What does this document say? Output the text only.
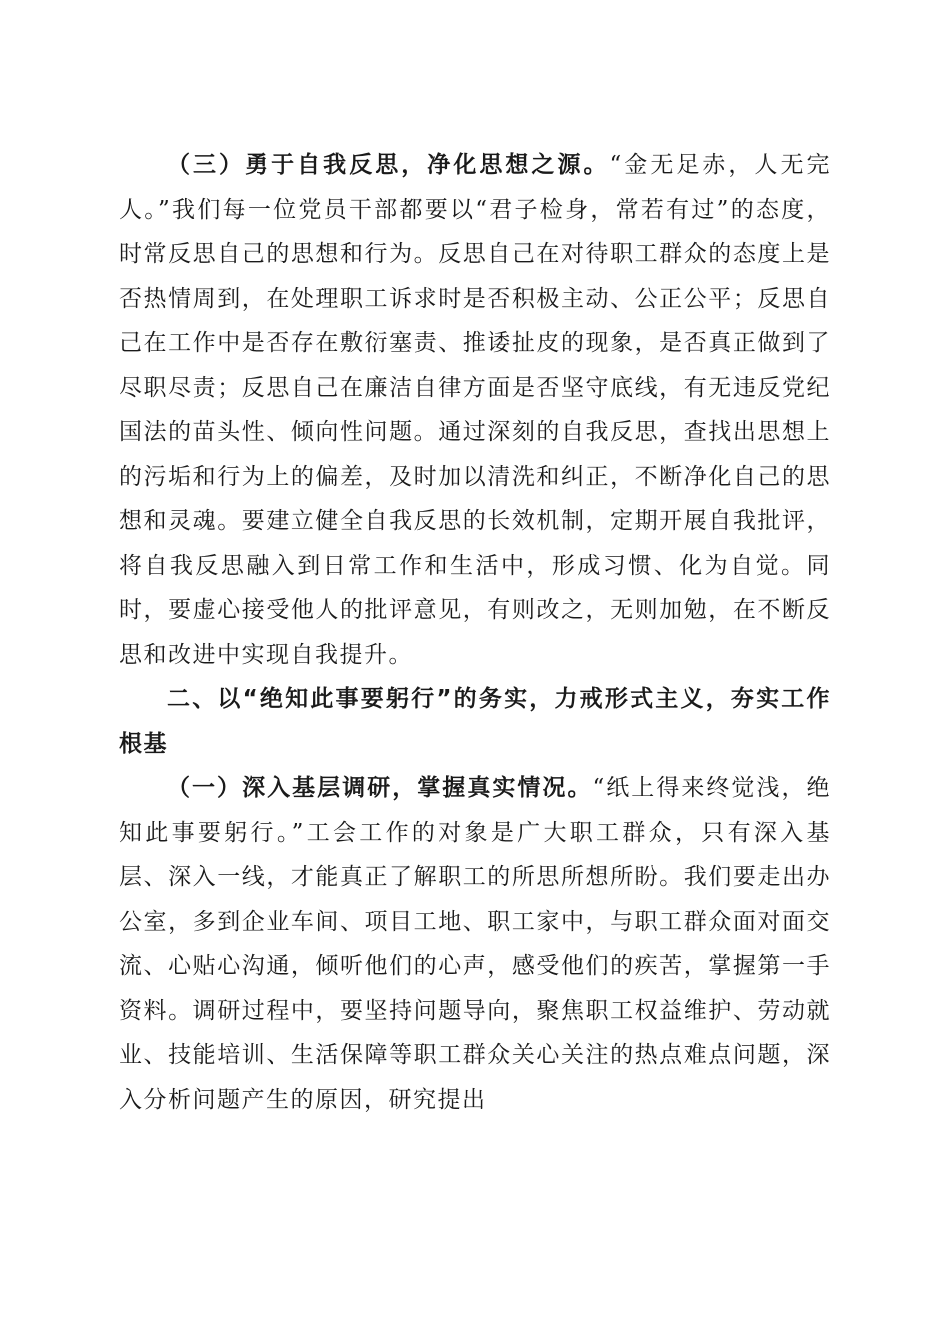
（三）勇于自我反思，净化思想之源。“金无足赤，人无完人。”我们每一位党员干部都要以“君子检身，常若有过”的态度，时常反思自己的思想和行为。反思自己在对待职工群众的态度上是否热情周到，在处理职工诉求时是否积极主动、公正公平；反思自己在工作中是否存在敷衍塞责、推诿扯皮的现象，是否真正做到了尽职尽责；反思自己在廉洁自律方面是否坚守底线，有无违反党纪国法的苗头性、倾向性问题。通过深刻的自我反思，查找出思想上的污垢和行为上的偏差，及时加以清洗和纠正，不断净化自己的思想和灵魂。要建立健全自我反思的长效机制，定期开展自我批评，将自我反思融入到日常工作和生活中，形成习惯、化为自觉。同时，要虚心接受他人的批评意见，有则改之，无则加勉，在不断反思和改进中实现自我提升。

二、以“绝知此事要躬行”的务实，力戒形式主义，夯实工作根基

（一）深入基层调研，掌握真实情况。“纸上得来终觉浅，绝知此事要躬行。”工会工作的对象是广大职工群众，只有深入基层、深入一线，才能真正了解职工的所思所想所盼。我们要走出办公室，多到企业车间、项目工地、职工家中，与职工群众面对面交流、心贴心沟通，倾听他们的心声，感受他们的疾苦，掌握第一手资料。调研过程中，要坚持问题导向，聚焦职工权益维护、劳动就业、技能培训、生活保障等职工群众关心关注的热点难点问题，深入分析问题产生的原因，研究提出
